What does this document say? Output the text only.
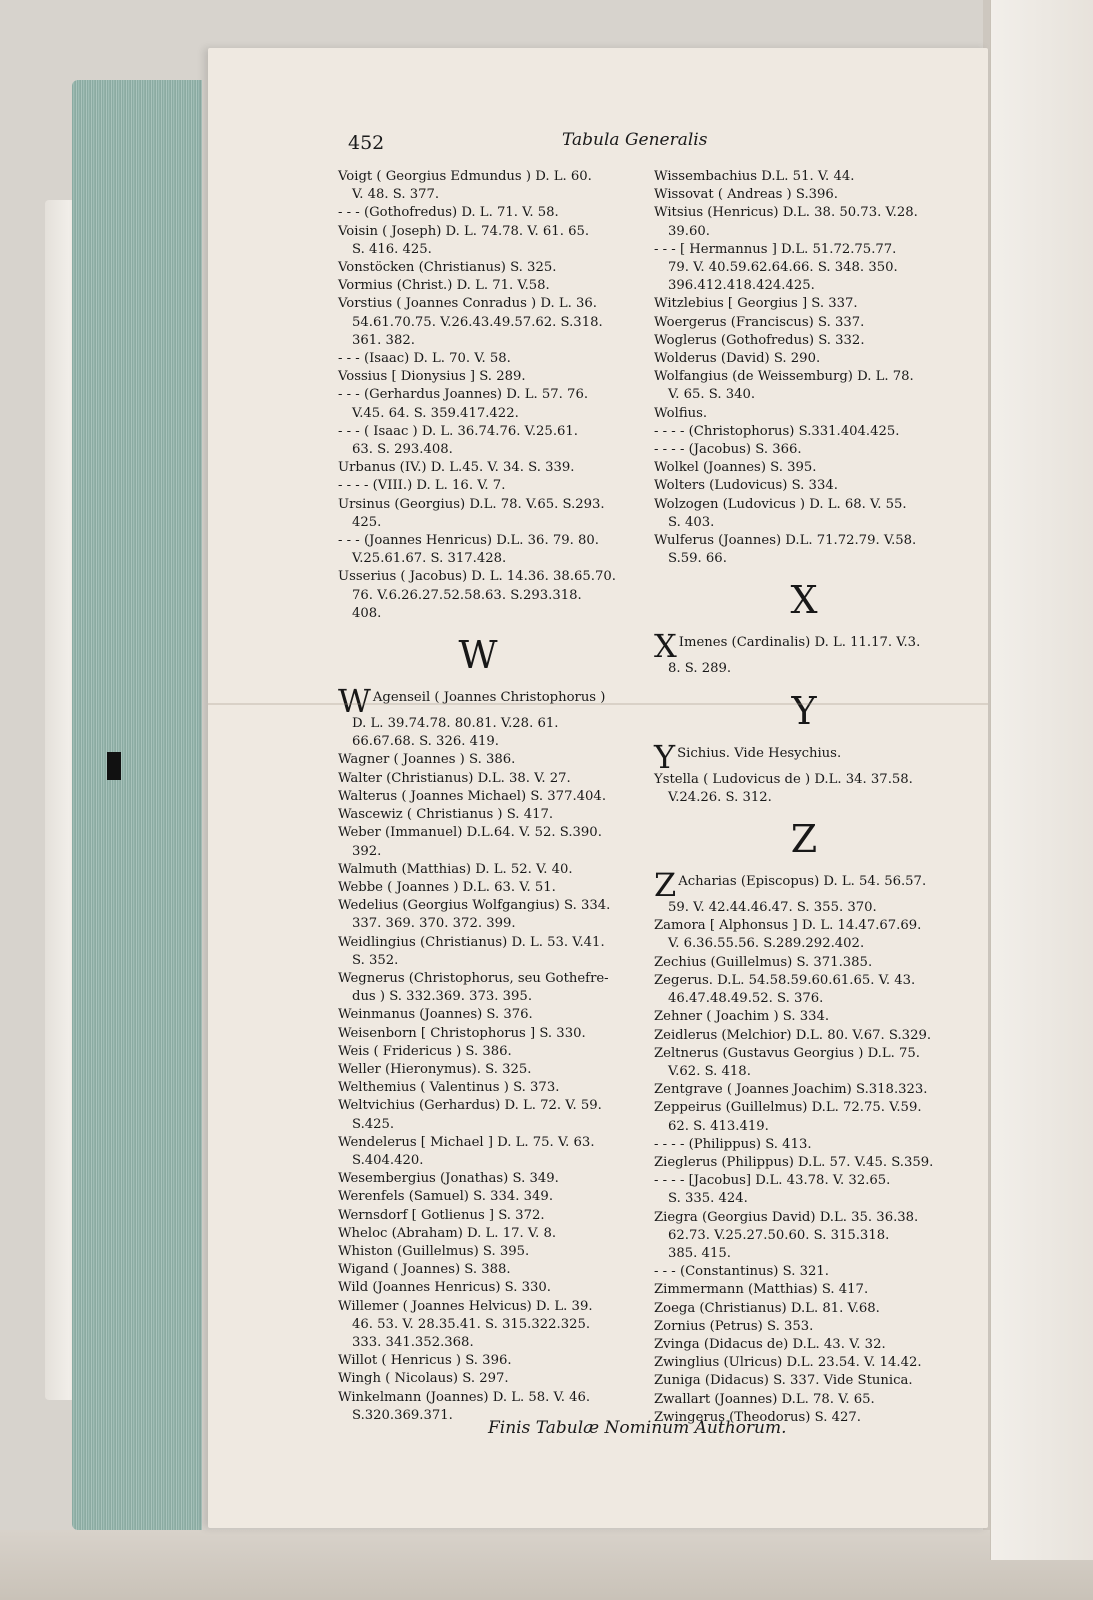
452	Tabula Generalis
Voigt ( Georgius Edmundus ) D. L. 60.
V. 48. S. 377.
- - - (Gothofredus) D. L. 71. V. 58.
Voisin ( Joseph) D. L. 74.78. V. 61. 65.
S. 416. 425.
Vonstöcken (Christianus) S. 325.
Vormius (Christ.) D. L. 71. V.58.
Vorstius ( Joannes Conradus ) D. L. 36.
54.61.70.75. V.26.43.49.57.62. S.318.
361. 382.
- - - (Isaac) D. L. 70. V. 58.
Vossius [ Dionysius ] S. 289.
- - - (Gerhardus Joannes) D. L. 57. 76.
V.45. 64. S. 359.417.422.
- - - ( Isaac ) D. L. 36.74.76. V.25.61.
63. S. 293.408.
Urbanus (IV.) D. L.45. V. 34. S. 339.
- - - - (VIII.) D. L. 16. V. 7.
Ursinus (Georgius) D.L. 78. V.65. S.293.
425.
- - - (Joannes Henricus) D.L. 36. 79. 80.
V.25.61.67. S. 317.428.
Usserius ( Jacobus) D. L. 14.36. 38.65.70.
76. V.6.26.27.52.58.63. S.293.318.
408.
W
W Agenseil ( Joannes Christophorus )
D. L. 39.74.78. 80.81. V.28. 61.
66.67.68. S. 326. 419.
Wagner ( Joannes ) S. 386.
Walter (Christianus) D.L. 38. V. 27.
Walterus ( Joannes Michael) S. 377.404.
Wascewiz ( Christianus ) S. 417.
Weber (Immanuel) D.L.64. V. 52. S.390.
392.
Walmuth (Matthias) D. L. 52. V. 40.
Webbe ( Joannes ) D.L. 63. V. 51.
Wedelius (Georgius Wolfgangius) S. 334.
337. 369. 370. 372. 399.
Weidlingius (Christianus) D. L. 53. V.41.
S. 352.
Wegnerus (Christophorus, seu Gothefre-
dus ) S. 332.369. 373. 395.
Weinmanus (Joannes) S. 376.
Weisenborn [ Christophorus ] S. 330.
Weis ( Fridericus ) S. 386.
Weller (Hieronymus). S. 325.
Welthemius ( Valentinus ) S. 373.
Weltvichius (Gerhardus) D. L. 72. V. 59.
S.425.
Wendelerus [ Michael ] D. L. 75. V. 63.
S.404.420.
Wesembergius (Jonathas) S. 349.
Werenfels (Samuel) S. 334. 349.
Wernsdorf [ Gotlienus ] S. 372.
Wheloc (Abraham) D. L. 17. V. 8.
Whiston (Guillelmus) S. 395.
Wigand ( Joannes) S. 388.
Wild (Joannes Henricus) S. 330.
Willemer ( Joannes Helvicus) D. L. 39.
46. 53. V. 28.35.41. S. 315.322.325.
333. 341.352.368.
Willot ( Henricus ) S. 396.
Wingh ( Nicolaus) S. 297.
Winkelmann (Joannes) D. L. 58. V. 46.
S.320.369.371.
Wissembachius D.L. 51. V. 44.
Wissovat ( Andreas ) S.396.
Witsius (Henricus) D.L. 38. 50.73. V.28.
39.60.
- - - [ Hermannus ] D.L. 51.72.75.77.
79. V. 40.59.62.64.66. S. 348. 350.
396.412.418.424.425.
Witzlebius [ Georgius ] S. 337.
Woergerus (Franciscus) S. 337.
Woglerus (Gothofredus) S. 332.
Wolderus (David) S. 290.
Wolfangius (de Weissemburg) D. L. 78.
V. 65. S. 340.
Wolfius.
- - - - (Christophorus) S.331.404.425.
- - - - (Jacobus) S. 366.
Wolkel (Joannes) S. 395.
Wolters (Ludovicus) S. 334.
Wolzogen (Ludovicus ) D. L. 68. V. 55.
S. 403.
Wulferus (Joannes) D.L. 71.72.79. V.58.
S.59. 66.
X
X Imenes (Cardinalis) D. L. 11.17. V.3.
8. S. 289.
Y
Y Sichius. Vide Hesychius.
Ystella ( Ludovicus de ) D.L. 34. 37.58.
V.24.26. S. 312.
Z
Z Acharias (Episcopus) D. L. 54. 56.57.
59. V. 42.44.46.47. S. 355. 370.
Zamora [ Alphonsus ] D. L. 14.47.67.69.
V. 6.36.55.56. S.289.292.402.
Zechius (Guillelmus) S. 371.385.
Zegerus. D.L. 54.58.59.60.61.65. V. 43.
46.47.48.49.52. S. 376.
Zehner ( Joachim ) S. 334.
Zeidlerus (Melchior) D.L. 80. V.67. S.329.
Zeltnerus (Gustavus Georgius ) D.L. 75.
V.62. S. 418.
Zentgrave ( Joannes Joachim) S.318.323.
Zeppeirus (Guillelmus) D.L. 72.75. V.59.
62. S. 413.419.
- - - - (Philippus) S. 413.
Zieglerus (Philippus) D.L. 57. V.45. S.359.
- - - - [Jacobus] D.L. 43.78. V. 32.65.
S. 335. 424.
Ziegra (Georgius David) D.L. 35. 36.38.
62.73. V.25.27.50.60. S. 315.318.
385. 415.
- - - (Constantinus) S. 321.
Zimmermann (Matthias) S. 417.
Zoega (Christianus) D.L. 81. V.68.
Zornius (Petrus) S. 353.
Zvinga (Didacus de) D.L. 43. V. 32.
Zwinglius (Ulricus) D.L. 23.54. V. 14.42.
Zuniga (Didacus) S. 337. Vide Stunica.
Zwallart (Joannes) D.L. 78. V. 65.
Zwingerus (Theodorus) S. 427.
Finis Tabulæ Nominum Authorum.
